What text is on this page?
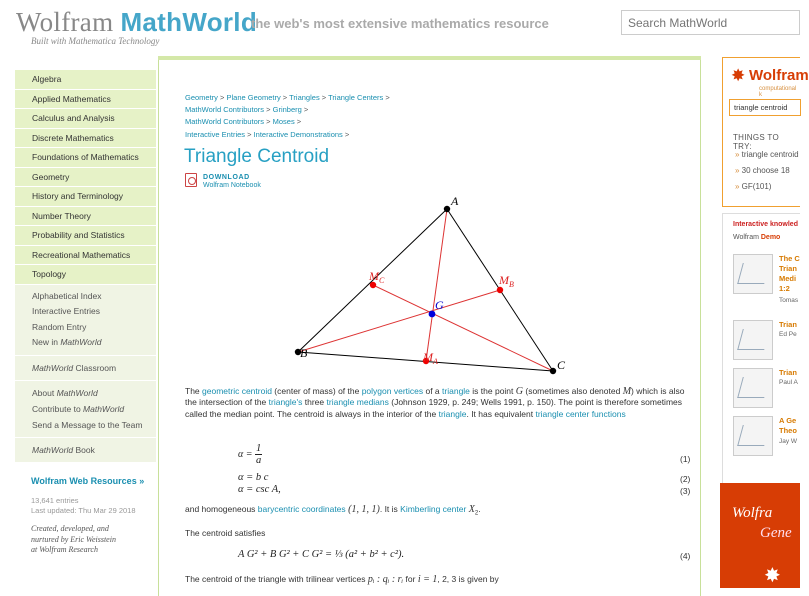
Wolfram MathWorld
Built with Mathematica Technology
the web's most extensive mathematics resource
Search MathWorld
Algebra
Applied Mathematics
Calculus and Analysis
Discrete Mathematics
Foundations of Mathematics
Geometry
History and Terminology
Number Theory
Probability and Statistics
Recreational Mathematics
Topology
Alphabetical Index
Interactive Entries
Random Entry
New in MathWorld
MathWorld Classroom
About MathWorld
Contribute to MathWorld
Send a Message to the Team
MathWorld Book
Wolfram Web Resources »
13,641 entries
Last updated: Thu Mar 29 2018
Created, developed, and
nurtured by Eric Weisstein
at Wolfram Research
Geometry > Plane Geometry > Triangles > Triangle Centers >
MathWorld Contributors > Grinberg >
MathWorld Contributors > Moses >
Interactive Entries > Interactive Demonstrations >
Triangle Centroid
DOWNLOAD
Wolfram Notebook
A
B
C
G
$M_A$
$M_B$
$M_C$
The geometric centroid (center of mass) of the polygon vertices of a triangle is the point G (sometimes also denoted M) which is also the intersection of the triangle's three triangle medians (Johnson 1929, p. 249; Wells 1991, p. 150). The point is therefore sometimes called the median point. The centroid is always in the interior of the triangle. It has equivalent triangle center functions
$\alpha = \frac{1}{a}$	(1)
α = b c	(2)
α = csc A,	(3)
and homogeneous barycentric coordinates (1, 1, 1). It is Kimberling center $X_2$.
The centroid satisfies
A G² + B G² + C G² = ⅓ (a² + b² + c²).	(4)
The centroid of the triangle with trilinear vertices pᵢ : qᵢ : rᵢ for i = 1, 2, 3 is given by
✸ Wolfram
computational k
triangle centroid
THINGS TO TRY:
» triangle centroid
» 30 choose 18
» GF(101)
Interactive knowled
Wolfram Demo
The C
Trian
Medi
1:2
Tomas
Trian
Ed Pe
Trian
Paul A
A Ge
Theo
Jay W
Wolfra
Gene
✸
